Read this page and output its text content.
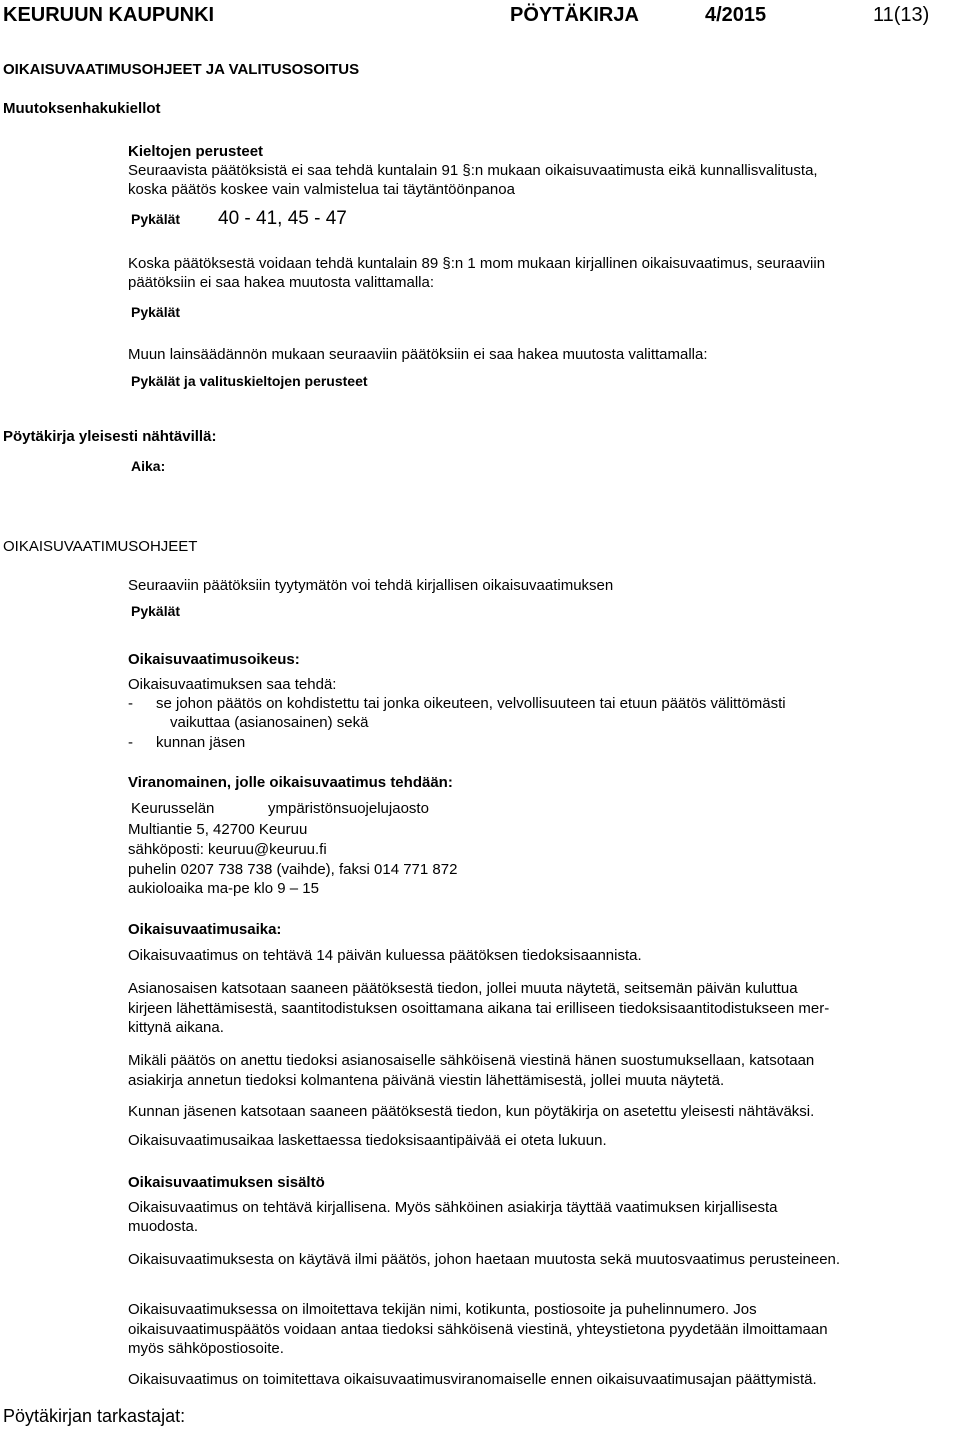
KEURUUN KAUPUNKI	PÖYTÄKIRJA	4/2015	11(13)
OIKAISUVAATIMUSOHJEET JA VALITUSOSOITUS
Muutoksenhakukiellot
Kieltojen perusteet
Seuraavista päätöksistä ei saa tehdä kuntalain 91 §:n mukaan oikaisuvaatimusta eikä kunnallisvalitusta,
koska päätös koskee vain valmistelua tai täytäntöönpanoa
Pykälät 40 - 41, 45 - 47
Koska päätöksestä voidaan tehdä kuntalain 89 §:n 1 mom mukaan kirjallinen oikaisuvaatimus, seuraaviin
päätöksiin ei saa hakea muutosta valittamalla:
Pykälät
Muun lainsäädännön mukaan seuraaviin päätöksiin ei saa hakea muutosta valittamalla:
Pykälät ja valituskieltojen perusteet
Pöytäkirja yleisesti nähtävillä:
Aika:
OIKAISUVAATIMUSOHJEET
Seuraaviin päätöksiin tyytymätön voi tehdä kirjallisen oikaisuvaatimuksen
Pykälät
Oikaisuvaatimusoikeus:
Oikaisuvaatimuksen saa tehdä:
- se johon päätös on kohdistettu tai jonka oikeuteen, velvollisuuteen tai etuun päätös välittömästi
vaikuttaa (asianosainen) sekä
- kunnan jäsen
Viranomainen, jolle oikaisuvaatimus tehdään:
Keurusselän	ympäristönsuojelujaosto
Multiantie 5, 42700 Keuruu
sähköposti: keuruu@keuruu.fi
puhelin 0207 738 738 (vaihde), faksi 014 771 872
aukioloaika ma-pe klo 9 – 15
Oikaisuvaatimusaika:
Oikaisuvaatimus on tehtävä 14 päivän kuluessa päätöksen tiedoksisaannista.
Asianosaisen katsotaan saaneen päätöksestä tiedon, jollei muuta näytetä, seitsemän päivän kuluttua
kirjeen lähettämisestä, saantitodistuksen osoittamana aikana tai erilliseen tiedoksisaantitodistukseen mer-
kittynä aikana.
Mikäli päätös on anettu tiedoksi asianosaiselle sähköisenä viestinä hänen suostumuksellaan, katsotaan
asiakirja annetun tiedoksi kolmantena päivänä viestin lähettämisestä, jollei muuta näytetä.
Kunnan jäsenen katsotaan saaneen päätöksestä tiedon, kun pöytäkirja on asetettu yleisesti nähtäväksi.
Oikaisuvaatimusaikaa laskettaessa tiedoksisaantipäivää ei oteta lukuun.
Oikaisuvaatimuksen sisältö
Oikaisuvaatimus on tehtävä kirjallisena. Myös sähköinen asiakirja täyttää vaatimuksen kirjallisesta
muodosta.
Oikaisuvaatimuksesta on käytävä ilmi päätös, johon haetaan muutosta sekä muutosvaatimus perusteineen.
Oikaisuvaatimuksessa on ilmoitettava tekijän nimi, kotikunta, postiosoite ja puhelinnumero. Jos
oikaisuvaatimuspäätös voidaan antaa tiedoksi sähköisenä viestinä, yhteystietona pyydetään ilmoittamaan
myös sähköpostiosoite.
Oikaisuvaatimus on toimitettava oikaisuvaatimusviranomaiselle ennen oikaisuvaatimusajan päättymistä.
Pöytäkirjan tarkastajat:
